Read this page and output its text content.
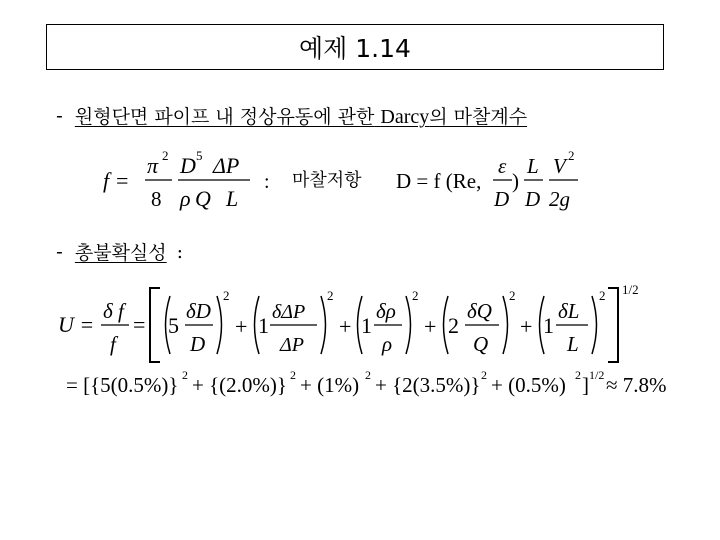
예제 1.14
- 원형단면 파이프 내 정상유동에 관한 Darcy의 마찰계수
- 총불확실성 :
f =
π 2
8
D 5 ΔP
ρ Q L
: 마찰저항 D = f (Re,
ε
D
)
L
D
V 2
2g
U =
δ f
f
= 5
δD
D
2
+ 1
δΔP
ΔP
2
+ 1
δρ
ρ
2
+ 2
δQ
Q
2
+ 1
δL
L
2 1/2
= [{5(0.5%)} 2 + {(2.0%)} 2 + (1%) 2 + {2(3.5%)} 2 + (0.5%) 2 ] 1/2 ≈ 7.8%
